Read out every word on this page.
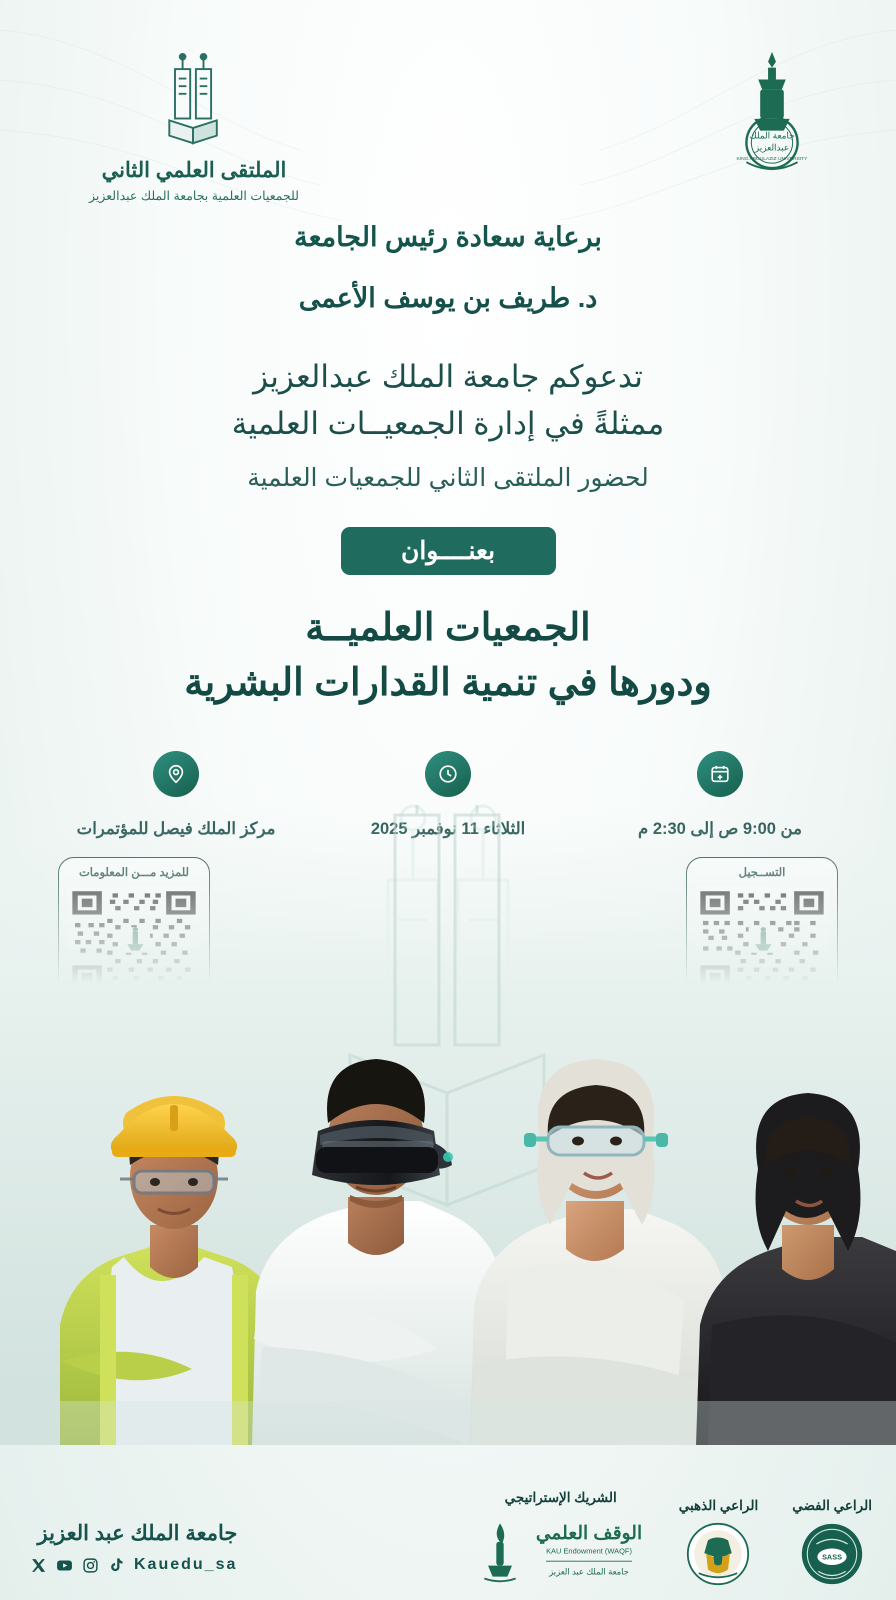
الملتقى العلمي الثاني
للجمعيات العلمية بجامعة الملك عبدالعزيز
جامعة الملك
عبدالعزيز
KING ABDULAZIZ UNIVERSITY
برعاية سعادة رئيس الجامعة
د. طريف بن يوسف الأعمى
تدعوكم جامعة الملك عبدالعزيز
ممثلةً في إدارة الجمعيــات العلمية
لحضور الملتقى الثاني للجمعيات العلمية
بعنــــوان
الجمعيات العلميــة
ودورها في تنمية القدارات البشرية
الراعي الفضي
SASS
الراعي الذهبي
الشريك الإستراتيجي
الوقف العلمي
KAU Endowment (WAQF)
جامعة الملك عبد العزيز
جامعة الملك عبد العزيز
Kauedu_sa
